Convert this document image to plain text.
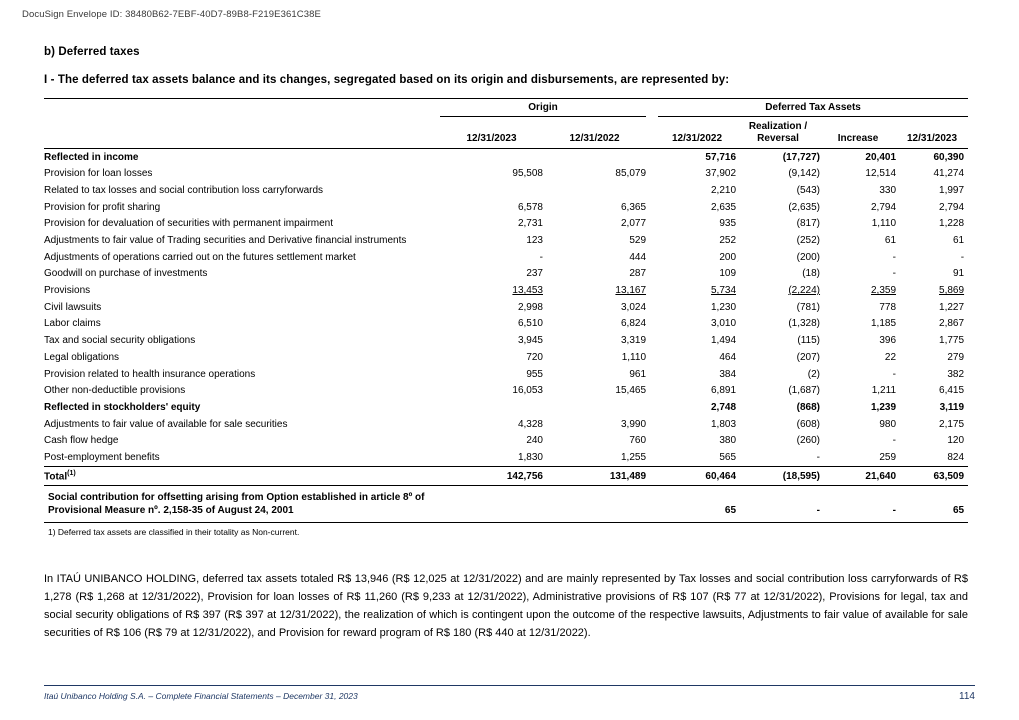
DocuSign Envelope ID: 38480B62-7EBF-40D7-89B8-F219E361C38E
b) Deferred taxes
I - The deferred tax assets balance and its changes, segregated based on its origin and disbursements, are represented by:
	Origin			Deferred Tax Assets			
	12/31/2023	12/31/2022		12/31/2022	Realization / Reversal	Increase	12/31/2023
Reflected in income				57,716	(17,727)	20,401	60,390
Provision for loan losses	95,508	85,079		37,902	(9,142)	12,514	41,274
Related to tax losses and social contribution loss carryforwards				2,210	(543)	330	1,997
Provision for profit sharing	6,578	6,365		2,635	(2,635)	2,794	2,794
Provision for devaluation of securities with permanent impairment	2,731	2,077		935	(817)	1,110	1,228
Adjustments to fair value of Trading securities and Derivative financial instruments	123	529		252	(252)	61	61
Adjustments of operations carried out on the futures settlement market	-	444		200	(200)	-	-
Goodwill on purchase of investments	237	287		109	(18)	-	91
Provisions	13,453	13,167		5,734	(2,224)	2,359	5,869
Civil lawsuits	2,998	3,024		1,230	(781)	778	1,227
Labor claims	6,510	6,824		3,010	(1,328)	1,185	2,867
Tax and social security obligations	3,945	3,319		1,494	(115)	396	1,775
Legal obligations	720	1,110		464	(207)	22	279
Provision related to health insurance operations	955	961		384	(2)	-	382
Other non-deductible provisions	16,053	15,465		6,891	(1,687)	1,211	6,415
Reflected in stockholders' equity				2,748	(868)	1,239	3,119
Adjustments to fair value of available for sale securities	4,328	3,990		1,803	(608)	980	2,175
Cash flow hedge	240	760		380	(260)	-	120
Post-employment benefits	1,830	1,255		565	-	259	824
Total$^{(1)}$	142,756	131,489		60,464	(18,595)	21,640	63,509
Social contribution for offsetting arising from Option established in article 8º of Provisional Measure nº. 2,158-35 of August 24, 2001				65	-	-	65
1) Deferred tax assets are classified in their totality as Non-current.
In ITAÚ UNIBANCO HOLDING, deferred tax assets totaled R$ 13,946 (R$ 12,025 at 12/31/2022) and are mainly represented by Tax losses and social contribution loss carryforwards of R$ 1,278 (R$ 1,268 at 12/31/2022), Provision for loan losses of R$ 11,260 (R$ 9,233 at 12/31/2022), Administrative provisions of R$ 107 (R$ 77 at 12/31/2022), Provisions for legal, tax and social security obligations of R$ 397 (R$ 397 at 12/31/2022), the realization of which is contingent upon the outcome of the respective lawsuits, Adjustments to fair value of available for sale securities of R$ 106 (R$ 79 at 12/31/2022), and Provision for reward program of R$ 180 (R$ 440 at 12/31/2022).
Itaú Unibanco Holding S.A. – Complete Financial Statements – December 31, 2023	114
